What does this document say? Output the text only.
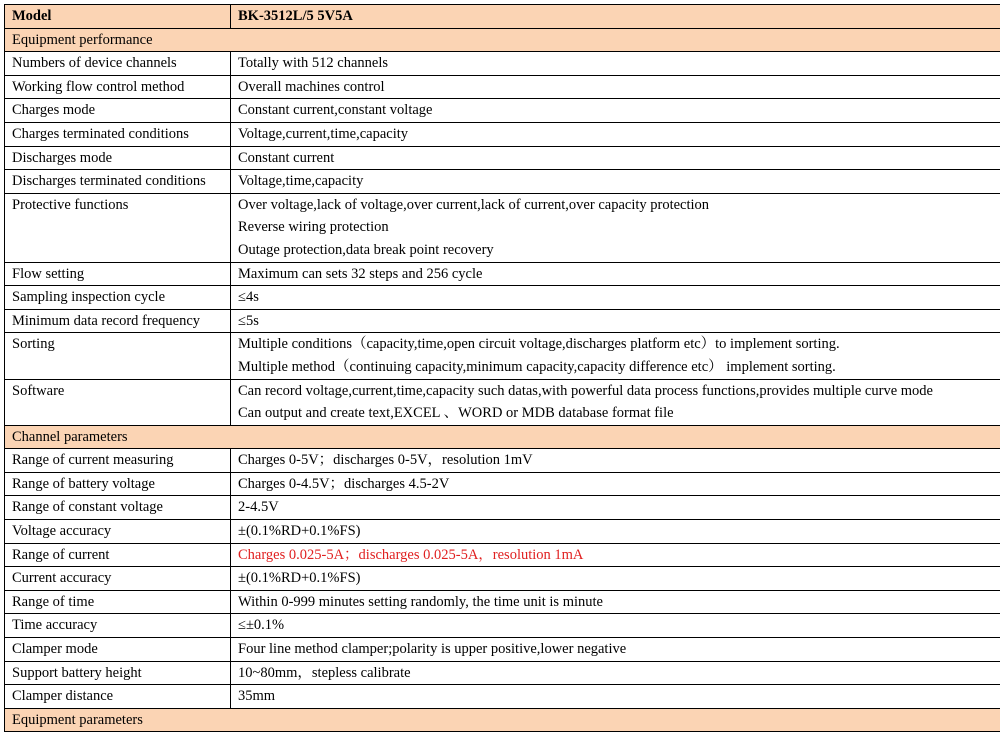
Model	BK-3512L/5 5V5A
Equipment performance	
Numbers of device channels	Totally with 512 channels

Working flow control method	Overall machines control

Charges mode	Constant current,constant voltage

Charges terminated conditions	Voltage,current,time,capacity

Discharges mode	Constant current

Discharges terminated conditions	Voltage,time,capacity

Protective functions	Over voltage,lack of voltage,over current,lack of current,over capacity protection
Reverse wiring protection
Outage protection,data break point recovery

Flow setting	Maximum can sets 32 steps and 256 cycle

Sampling inspection cycle	≤4s

Minimum data record frequency	≤5s

Sorting	Multiple conditions（capacity,time,open circuit voltage,discharges platform etc）to implement sorting.
Multiple method（continuing capacity,minimum capacity,capacity difference etc） implement sorting.

Software	Can record voltage,current,time,capacity such datas,with powerful data process functions,provides multiple curve mode
Can output and create text,EXCEL 、WORD or MDB database format file

Channel parameters	
Range of current measuring	Charges 0-5V；discharges 0-5V，resolution 1mV

Range of battery voltage	Charges 0-4.5V；discharges 4.5-2V

Range of constant voltage	2-4.5V

Voltage accuracy	±(0.1%RD+0.1%FS)

Range of current	Charges 0.025-5A；discharges 0.025-5A，resolution 1mA

Current accuracy	±(0.1%RD+0.1%FS)

Range of time	Within 0-999 minutes setting randomly, the time unit is minute

Time accuracy	≤±0.1%

Clamper mode	Four line method clamper;polarity is upper positive,lower negative

Support battery height	10~80mm，stepless calibrate

Clamper distance	35mm

Equipment parameters	
